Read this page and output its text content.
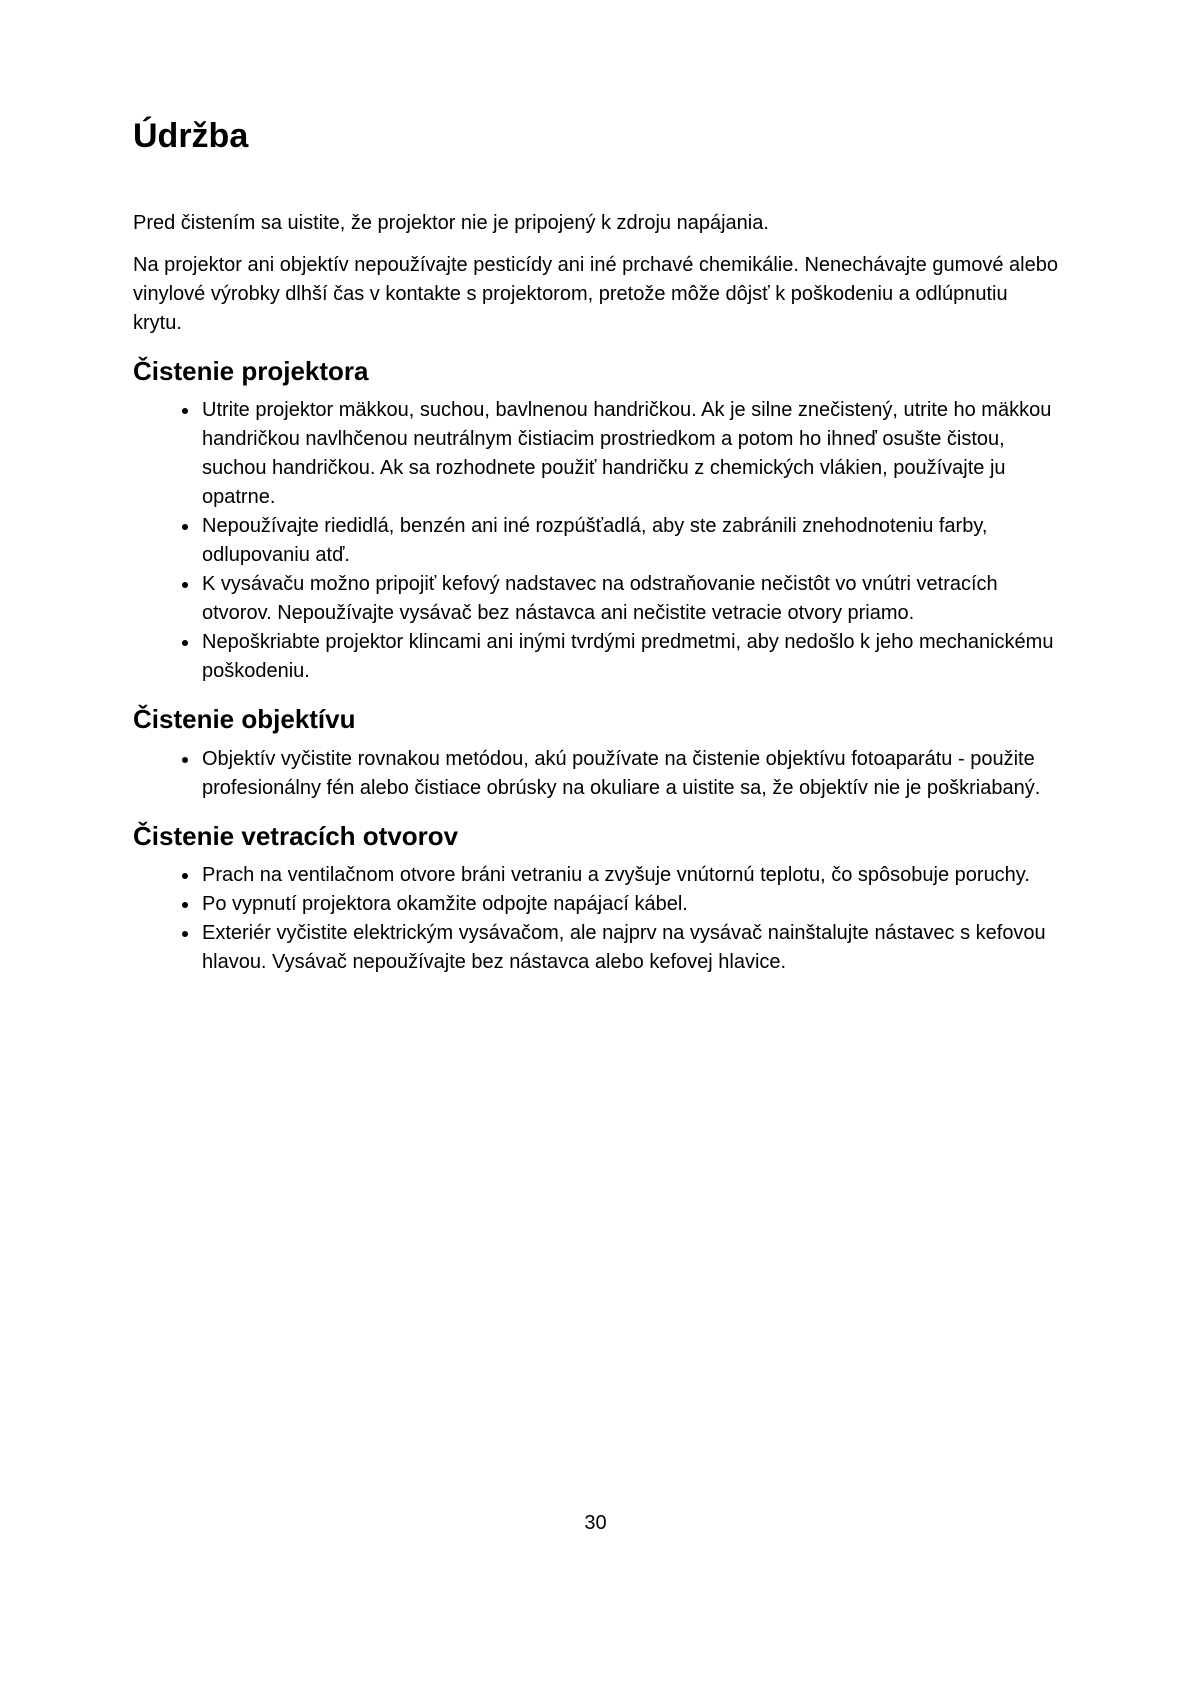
Údržba

Pred čistením sa uistite, že projektor nie je pripojený k zdroju napájania.

Na projektor ani objektív nepoužívajte pesticídy ani iné prchavé chemikálie. Nenechávajte gumové alebo vinylové výrobky dlhší čas v kontakte s projektorom, pretože môže dôjsť k poškodeniu a odlúpnutiu krytu.

Čistenie projektora
• Utrite projektor mäkkou, suchou, bavlnenou handričkou. Ak je silne znečistený, utrite ho mäkkou handričkou navlhčenou neutrálnym čistiacim prostriedkom a potom ho ihneď osušte čistou, suchou handričkou. Ak sa rozhodnete použiť handričku z chemických vlákien, používajte ju opatrne.
• Nepoužívajte riedidlá, benzén ani iné rozpúšťadlá, aby ste zabránili znehodnoteniu farby, odlupovaniu atď.
• K vysávaču možno pripojiť kefový nadstavec na odstraňovanie nečistôt vo vnútri vetracích otvorov. Nepoužívajte vysávač bez nástavca ani nečistite vetracie otvory priamo.
• Nepoškriabte projektor klincami ani inými tvrdými predmetmi, aby nedošlo k jeho mechanickému poškodeniu.
Čistenie objektívu
• Objektív vyčistite rovnakou metódou, akú používate na čistenie objektívu fotoaparátu - použite profesionálny fén alebo čistiace obrúsky na okuliare a uistite sa, že objektív nie je poškriabaný.
Čistenie vetracích otvorov
• Prach na ventilačnom otvore bráni vetraniu a zvyšuje vnútornú teplotu, čo spôsobuje poruchy.
• Po vypnutí projektora okamžite odpojte napájací kábel.
• Exteriér vyčistite elektrickým vysávačom, ale najprv na vysávač nainštalujte nástavec s kefovou hlavou. Vysávač nepoužívajte bez nástavca alebo kefovej hlavice.
30
